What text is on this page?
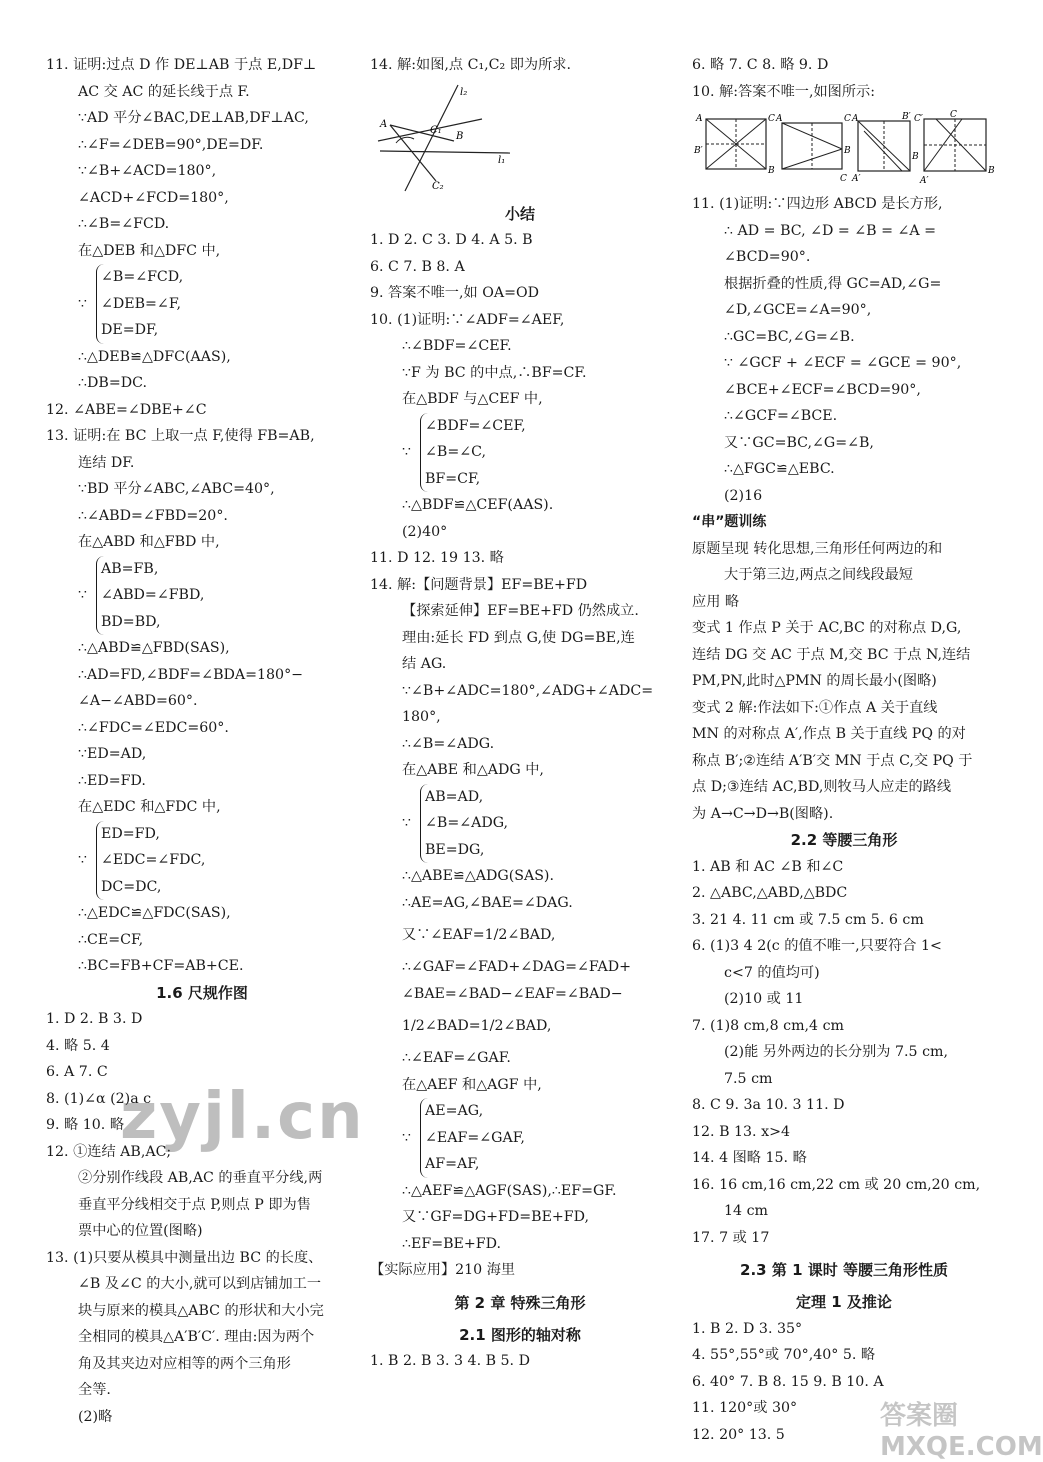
11. 证明:过点 D 作 DE⊥AB 于点 E,DF⊥
AC 交 AC 的延长线于点 F.
∵AD 平分∠BAC,DE⊥AB,DF⊥AC,
∴∠F=∠DEB=90°,DE=DF.
∵∠B+∠ACD=180°,
∠ACD+∠FCD=180°,
∴∠B=∠FCD.
在△DEB 和△DFC 中,
∵
∠B=∠FCD,
∠DEB=∠F,
DE=DF,
∴△DEB≌△DFC(AAS),
∴DB=DC.
12. ∠ABE=∠DBE+∠C
13. 证明:在 BC 上取一点 F,使得 FB=AB,
连结 DF.
∵BD 平分∠ABC,∠ABC=40°,
∴∠ABD=∠FBD=20°.
在△ABD 和△FBD 中,
∵
AB=FB,
∠ABD=∠FBD,
BD=BD,
∴△ABD≌△FBD(SAS),
∴AD=FD,∠BDF=∠BDA=180°−
∠A−∠ABD=60°.
∴∠FDC=∠EDC=60°.
∵ED=AD,
∴ED=FD.
在△EDC 和△FDC 中,
∵
ED=FD,
∠EDC=∠FDC,
DC=DC,
∴△EDC≌△FDC(SAS),
∴CE=CF,
∴BC=FB+CF=AB+CE.
1.6 尺规作图
1. D 2. B 3. D
4. 略 5. 4
6. A 7. C
8. (1)∠α (2)a c
9. 略 10. 略
12. ①连结 AB,AC;
②分别作线段 AB,AC 的垂直平分线,两
垂直平分线相交于点 P,则点 P 即为售
票中心的位置(图略)
13. (1)只要从模具中测量出边 BC 的长度、
∠B 及∠C 的大小,就可以到店铺加工一
块与原来的模具△ABC 的形状和大小完
全相同的模具△A′B′C′. 理由:因为两个
角及其夹边对应相等的两个三角形
全等.
(2)略
14. 解:如图,点 C₁,C₂ 即为所求.
A
B
C₁
C₂
l₁
l₂
小结
1. D 2. C 3. D 4. A 5. B
6. C 7. B 8. A
9. 答案不唯一,如 OA=OD
10. (1)证明:∵∠ADF=∠AEF,
∴∠BDF=∠CEF.
∵F 为 BC 的中点,∴BF=CF.
在△BDF 与△CEF 中,
∵
∠BDF=∠CEF,
∠B=∠C,
BF=CF,
∴△BDF≌△CEF(AAS).
(2)40°
11. D 12. 19 13. 略
14. 解:【问题背景】EF=BE+FD
【探索延伸】EF=BE+FD 仍然成立.
理由:延长 FD 到点 G,使 DG=BE,连
结 AG.
∵∠B+∠ADC=180°,∠ADG+∠ADC=
180°,
∴∠B=∠ADG.
在△ABE 和△ADG 中,
∵
AB=AD,
∠B=∠ADG,
BE=DG,
∴△ABE≌△ADG(SAS).
∴AE=AG,∠BAE=∠DAG.
又∵∠EAF=1/2∠BAD,
∴∠GAF=∠FAD+∠DAG=∠FAD+
∠BAE=∠BAD−∠EAF=∠BAD−
1/2∠BAD=1/2∠BAD,
∴∠EAF=∠GAF.
在△AEF 和△AGF 中,
∵
AE=AG,
∠EAF=∠GAF,
AF=AF,
∴△AEF≌△AGF(SAS),∴EF=GF.
又∵GF=DG+FD=BE+FD,
∴EF=BE+FD.
【实际应用】210 海里
第 2 章 特殊三角形
2.1 图形的轴对称
1. B 2. B 3. 3 4. B 5. D
6. 略 7. C 8. 略 9. D
10. 解:答案不唯一,如图所示:
A	C
B′
B
A	C
B
C
A	B′
B
A′
C′	C
B
A′
11. (1)证明:∵四边形 ABCD 是长方形,
∴ AD = BC, ∠D = ∠B = ∠A =
∠BCD=90°.
根据折叠的性质,得 GC=AD,∠G=
∠D,∠GCE=∠A=90°,
∴GC=BC,∠G=∠B.
∵ ∠GCF + ∠ECF = ∠GCE = 90°,
∠BCE+∠ECF=∠BCD=90°,
∴∠GCF=∠BCE.
又∵GC=BC,∠G=∠B,
∴△FGC≌△EBC.
(2)16
“串”题训练
原题呈现 转化思想,三角形任何两边的和
大于第三边,两点之间线段最短
应用 略
变式 1 作点 P 关于 AC,BC 的对称点 D,G,
连结 DG 交 AC 于点 M,交 BC 于点 N,连结
PM,PN,此时△PMN 的周长最小(图略)
变式 2 解:作法如下:①作点 A 关于直线
MN 的对称点 A′,作点 B 关于直线 PQ 的对
称点 B′;②连结 A′B′交 MN 于点 C,交 PQ 于
点 D;③连结 AC,BD,则牧马人应走的路线
为 A→C→D→B(图略).
2.2 等腰三角形
1. AB 和 AC ∠B 和∠C
2. △ABC,△ABD,△BDC
3. 21 4. 11 cm 或 7.5 cm 5. 6 cm
6. (1)3 4 2(c 的值不唯一,只要符合 1<
c<7 的值均可)
(2)10 或 11
7. (1)8 cm,8 cm,4 cm
(2)能 另外两边的长分别为 7.5 cm,
7.5 cm
8. C 9. 3a 10. 3 11. D
12. B 13. x>4
14. 4 图略 15. 略
16. 16 cm,16 cm,22 cm 或 20 cm,20 cm,
14 cm
17. 7 或 17
2.3 第 1 课时 等腰三角形性质
定理 1 及推论
1. B 2. D 3. 35°
4. 55°,55°或 70°,40° 5. 略
6. 40° 7. B 8. 15 9. B 10. A
11. 120°或 30°
12. 20° 13. 5
zyjl.cn
答案圈 MXQE.COM
